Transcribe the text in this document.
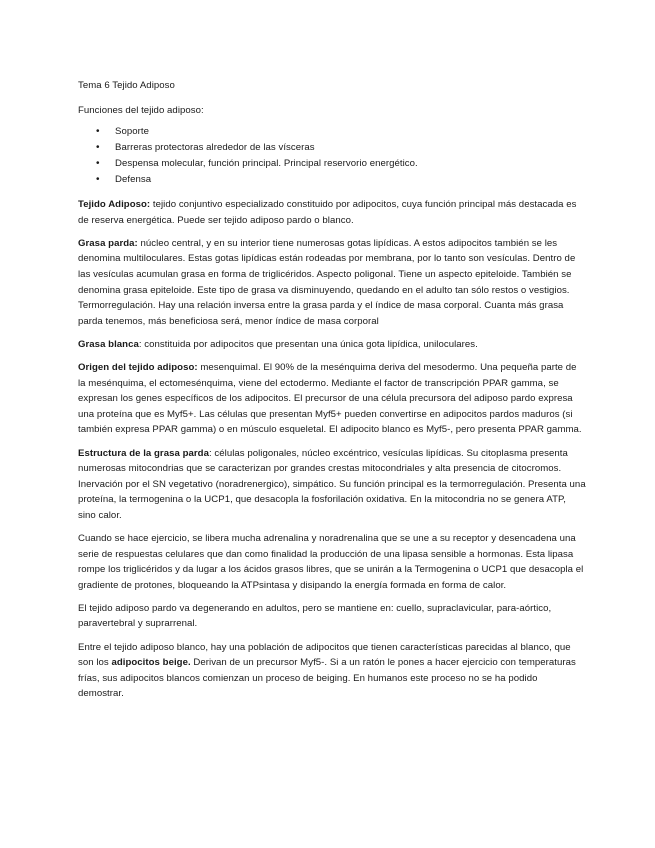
Tema 6 Tejido Adiposo
Funciones del tejido adiposo:
• Soporte
• Barreras protectoras alrededor de las vísceras
• Despensa molecular, función principal. Principal reservorio energético.
• Defensa

Tejido Adiposo: tejido conjuntivo especializado constituido por adipocitos, cuya función principal más destacada es de reserva energética. Puede ser tejido adiposo pardo o blanco.

Grasa parda: núcleo central, y en su interior tiene numerosas gotas lipídicas. A estos adipocitos también se les denomina multiloculares. Estas gotas lipídicas están rodeadas por membrana, por lo tanto son vesículas. Dentro de las vesículas acumulan grasa en forma de triglicéridos. Aspecto poligonal. Tiene un aspecto epiteloide. También se denomina grasa epiteloide. Este tipo de grasa va disminuyendo, quedando en el adulto tan sólo restos o vestigios. Termorregulación. Hay una relación inversa entre la grasa parda y el índice de masa corporal. Cuanta más grasa parda tenemos, más beneficiosa será, menor índice de masa corporal

Grasa blanca: constituida por adipocitos que presentan una única gota lipídica, uniloculares.

Origen del tejido adiposo: mesenquimal. El 90% de la mesénquima deriva del mesodermo. Una pequeña parte de la mesénquima, el ectomesénquima, viene del ectodermo. Mediante el factor de transcripción PPAR gamma, se expresan los genes específicos de los adipocitos. El precursor de una célula precursora del adiposo pardo expresa una proteína que es Myf5+. Las células que presentan Myf5+ pueden convertirse en adipocitos pardos maduros (si también expresa PPAR gamma) o en músculo esqueletal. El adipocito blanco es Myf5-, pero presenta PPAR gamma.

Estructura de la grasa parda: células poligonales, núcleo excéntrico, vesículas lipídicas. Su citoplasma presenta numerosas mitocondrias que se caracterizan por grandes crestas mitocondriales y alta presencia de citocromos. Inervación por el SN vegetativo (noradrenergico), simpático. Su función principal es la termorregulación. Presenta una proteína, la termogenina o la UCP1, que desacopla la fosforilación oxidativa. En la mitocondria no se genera ATP, sino calor.

Cuando se hace ejercicio, se libera mucha adrenalina y noradrenalina que se une a su receptor y desencadena una serie de respuestas celulares que dan como finalidad la producción de una lipasa sensible a hormonas. Esta lipasa rompe los triglicéridos y da lugar a los ácidos grasos libres, que se unirán a la Termogenina o UCP1 que desacopla el gradiente de protones, bloqueando la ATPsintasa y disipando la energía formada en forma de calor.

El tejido adiposo pardo va degenerando en adultos, pero se mantiene en: cuello, supraclavicular, para-aórtico, paravertebral y suprarrenal.

Entre el tejido adiposo blanco, hay una población de adipocitos que tienen características parecidas al blanco, que son los adipocitos beige. Derivan de un precursor Myf5-. Si a un ratón le pones a hacer ejercicio con temperaturas frías, sus adipocitos blancos comienzan un proceso de beiging. En humanos este proceso no se ha podido demostrar.
